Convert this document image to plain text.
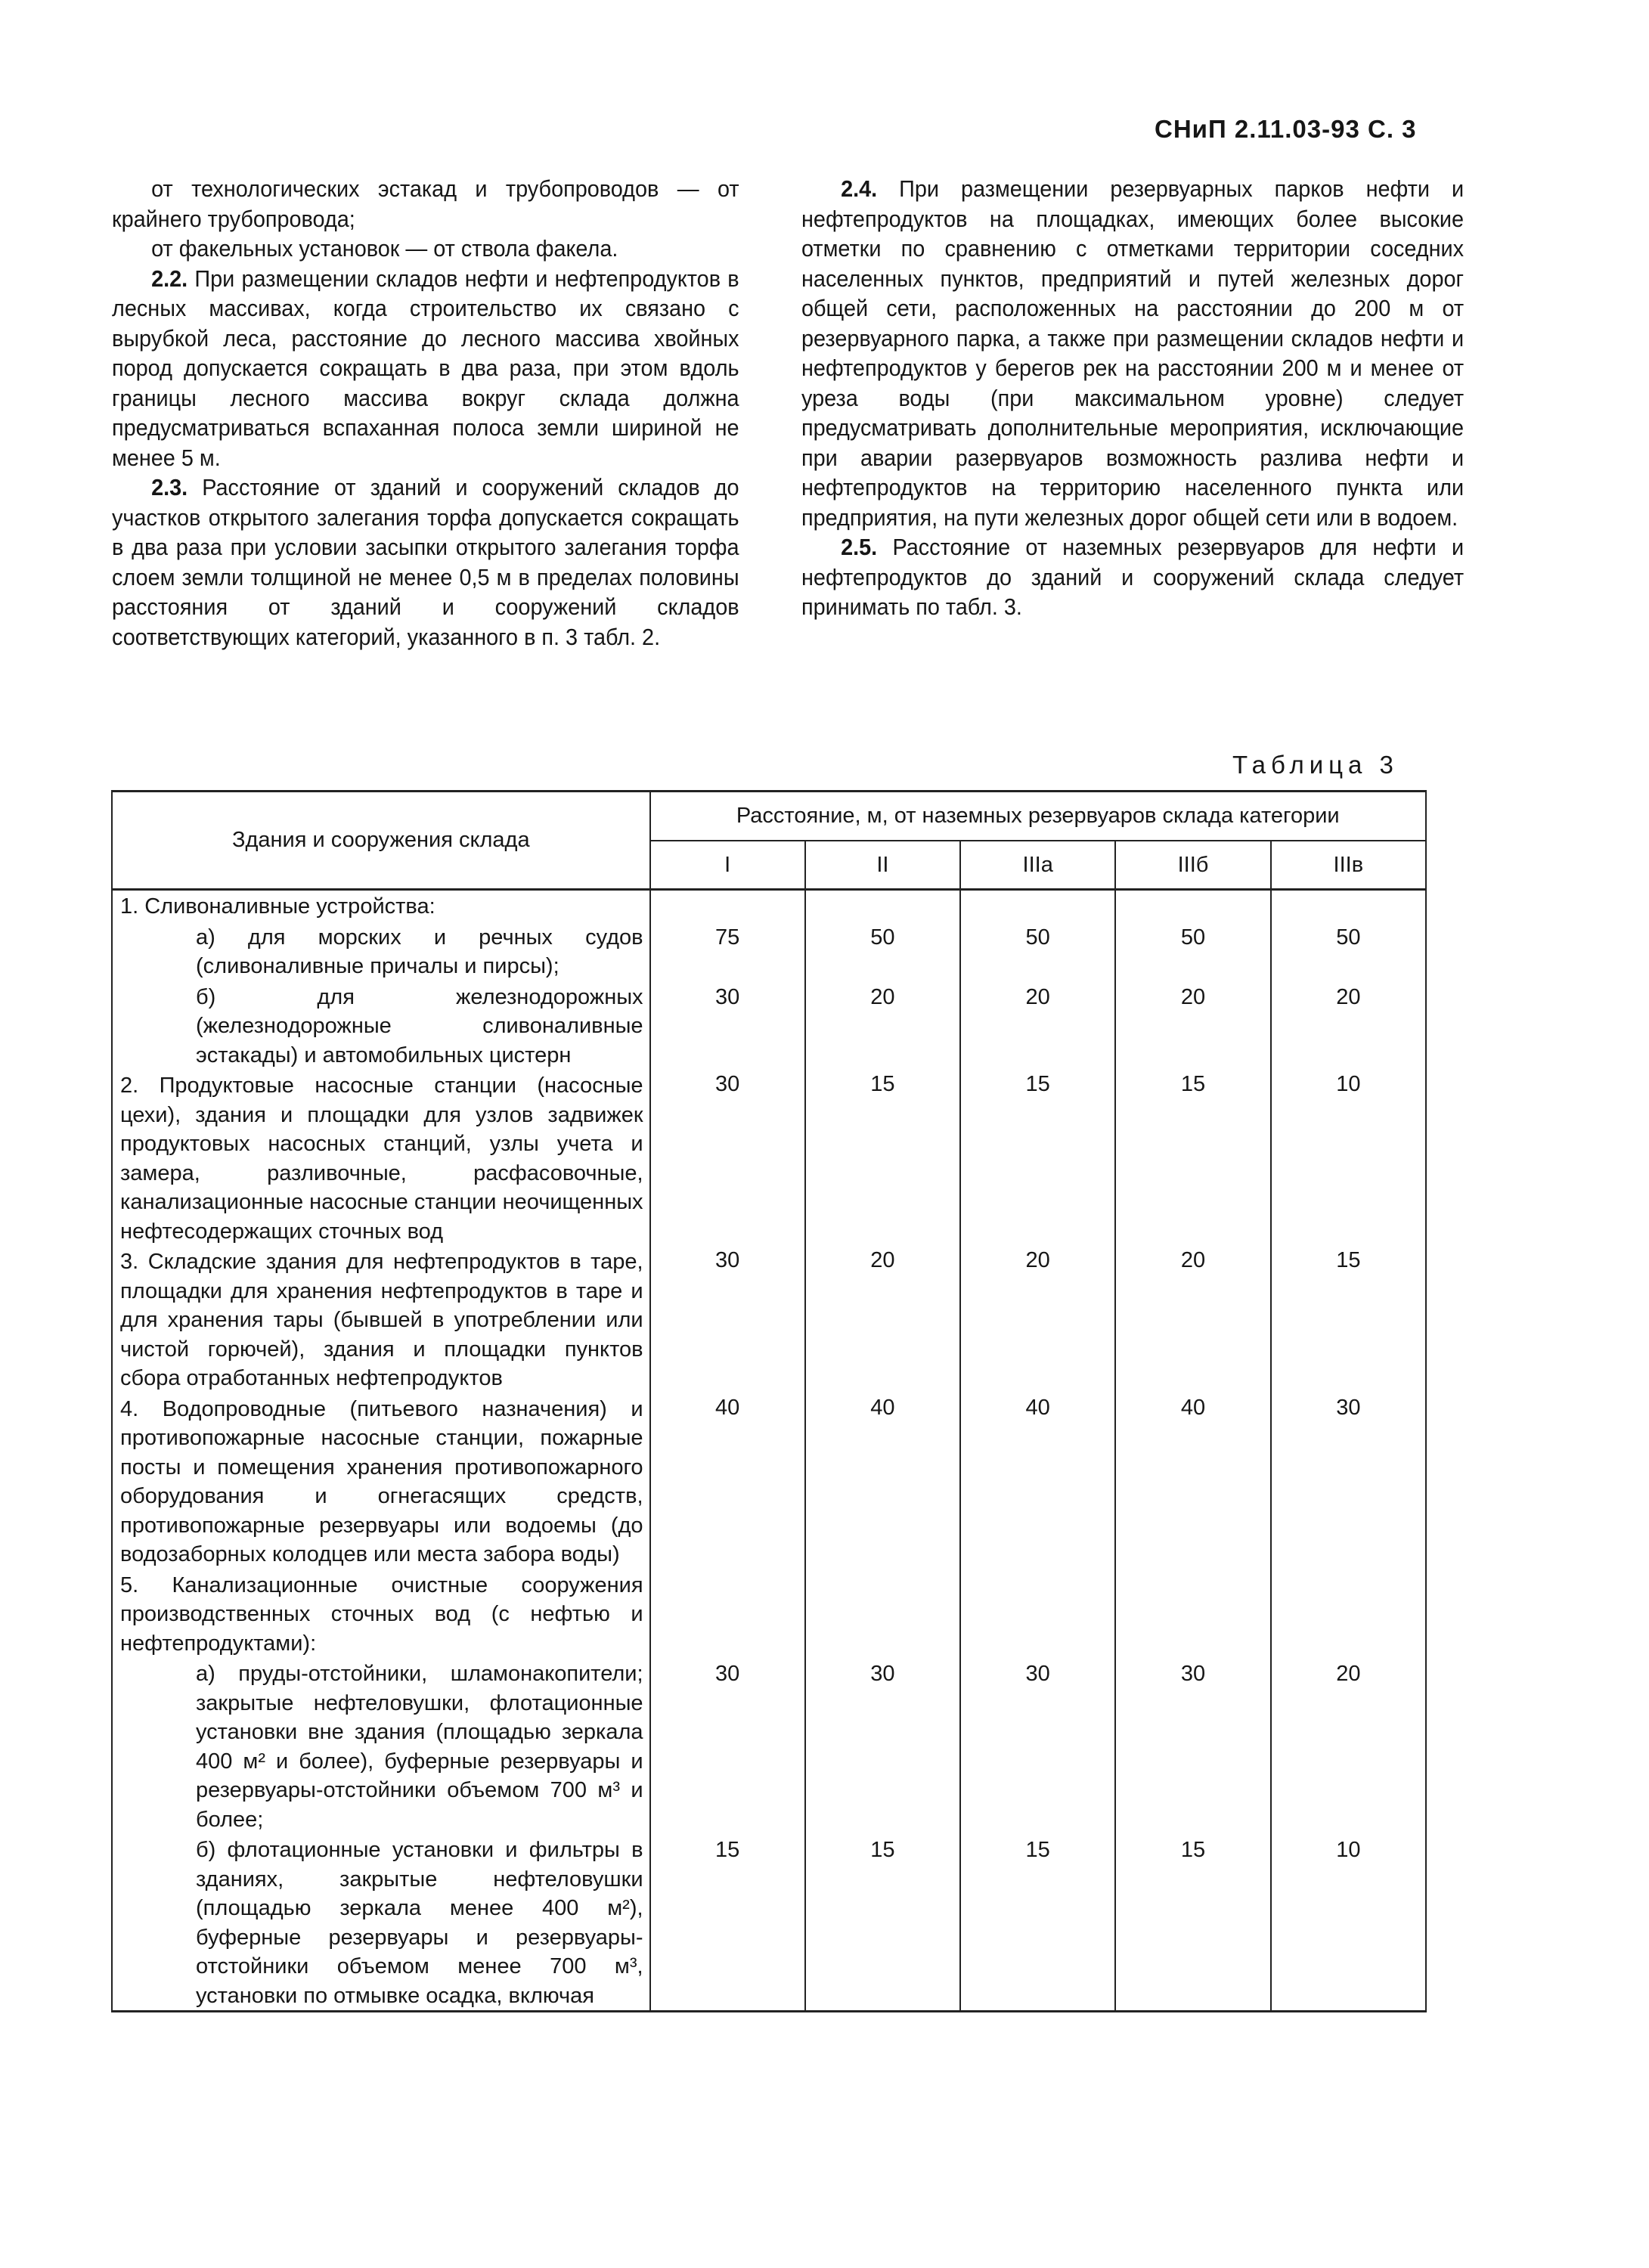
СНиП 2.11.03-93 С. 3

от технологических эстакад и трубопроводов — от крайнего трубопровода;

от факельных установок — от ствола факела.

2.2. При размещении складов нефти и нефтепродуктов в лесных массивах, когда строительство их связано с вырубкой леса, расстояние до лесного массива хвойных пород допускается сокращать в два раза, при этом вдоль границы лесного массива вокруг склада должна предусматриваться вспаханная полоса земли шириной не менее 5 м.

2.3. Расстояние от зданий и сооружений складов до участков открытого залегания торфа допускается сокращать в два раза при условии засыпки открытого залегания торфа слоем земли толщиной не менее 0,5 м в пределах половины расстояния от зданий и сооружений складов соответствующих категорий, указанного в п. 3 табл. 2.

2.4. При размещении резервуарных парков нефти и нефтепродуктов на площадках, имеющих более высокие отметки по сравнению с отметками территории соседних населенных пунктов, предприятий и путей железных дорог общей сети, расположенных на расстоянии до 200 м от резервуарного парка, а также при размещении складов нефти и нефтепродуктов у берегов рек на расстоянии 200 м и менее от уреза воды (при максимальном уровне) следует предусматривать дополнительные мероприятия, исключающие при аварии разервуаров возможность разлива нефти и нефтепродуктов на территорию населенного пункта или предприятия, на пути железных дорог общей сети или в водоем.

2.5. Расстояние от наземных резервуаров для нефти и нефтепродуктов до зданий и сооружений склада следует принимать по табл. 3.

Таблица 3
Здания и сооружения склада	Расстояние, м, от наземных резервуаров склада категории				
	I	II	IIIа	IIIб	IIIв

1. Сливоналивные устройства:					

а) для морских и речных судов (сливоналивные причалы и пирсы);	75	50	50	50	50

б) для железнодорожных (железнодорожные сливоналивные эстакады) и автомобильных цистерн	30	20	20	20	20

2. Продуктовые насосные станции (насосные цехи), здания и площадки для узлов задвижек продуктовых насосных станций, узлы учета и замера, разливочные, расфасовочные, канализационные насосные станции неочищенных нефтесодержащих сточных вод	30	15	15	15	10

3. Складские здания для нефтепродуктов в таре, площадки для хранения нефтепродуктов в таре и для хранения тары (бывшей в употреблении или чистой горючей), здания и площадки пунктов сбора отработанных нефтепродуктов	30	20	20	20	15

4. Водопроводные (питьевого назначения) и противопожарные насосные станции, пожарные посты и помещения хранения противопожарного оборудования и огнегасящих средств, противопожарные резервуары или водоемы (до водозаборных колодцев или места забора воды)	40	40	40	40	30

5. Канализационные очистные сооружения производственных сточных вод (с нефтью и нефтепродуктами):					

а) пруды-отстойники, шламонакопители; закрытые нефтеловушки, флотационные установки вне здания (площадью зеркала 400 м² и более), буферные резервуары и резервуары-отстойники объемом 700 м³ и более;	30	30	30	30	20

б) флотационные установки и фильтры в зданиях, закрытые нефтеловушки (площадью зеркала менее 400 м²), буферные резервуары и резервуары-отстойники объемом менее 700 м³, установки по отмывке осадка, включая	15	15	15	15	10
